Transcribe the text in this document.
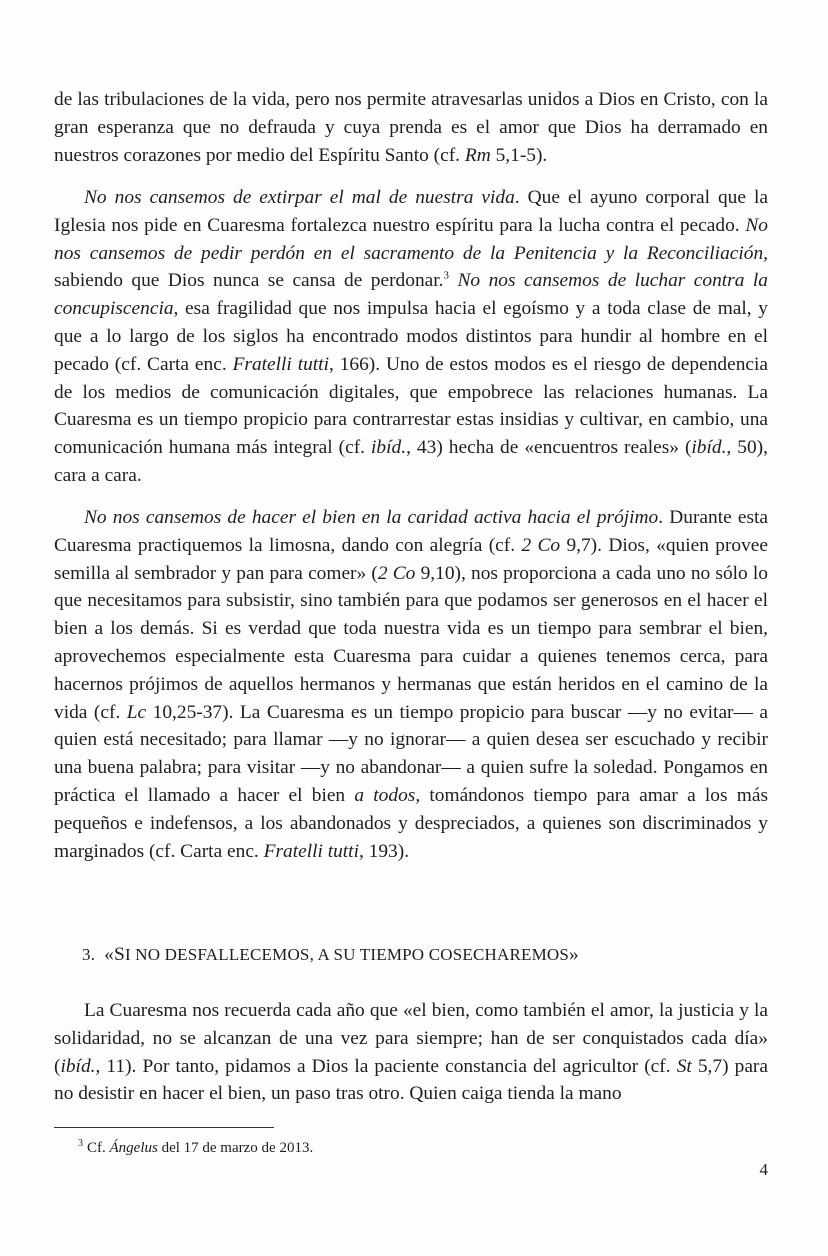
de las tribulaciones de la vida, pero nos permite atravesarlas unidos a Dios en Cristo, con la gran esperanza que no defrauda y cuya prenda es el amor que Dios ha derramado en nuestros corazones por medio del Espíritu Santo (cf. Rm 5,1-5).

No nos cansemos de extirpar el mal de nuestra vida. Que el ayuno corporal que la Iglesia nos pide en Cuaresma fortalezca nuestro espíritu para la lucha contra el pecado. No nos cansemos de pedir perdón en el sacramento de la Penitencia y la Reconciliación, sabiendo que Dios nunca se cansa de perdonar.$^3$ No nos cansemos de luchar contra la concupiscencia, esa fragilidad que nos impulsa hacia el egoísmo y a toda clase de mal, y que a lo largo de los siglos ha encontrado modos distintos para hundir al hombre en el pecado (cf. Carta enc. Fratelli tutti, 166). Uno de estos modos es el riesgo de dependencia de los medios de comunicación digitales, que empobrece las relaciones humanas. La Cuaresma es un tiempo propicio para contrarrestar estas insidias y cultivar, en cambio, una comunicación humana más integral (cf. ibíd., 43) hecha de «encuentros reales» (ibíd., 50), cara a cara.

No nos cansemos de hacer el bien en la caridad activa hacia el prójimo. Durante esta Cuaresma practiquemos la limosna, dando con alegría (cf. 2 Co 9,7). Dios, «quien provee semilla al sembrador y pan para comer» (2 Co 9,10), nos proporciona a cada uno no sólo lo que necesitamos para subsistir, sino también para que podamos ser generosos en el hacer el bien a los demás. Si es verdad que toda nuestra vida es un tiempo para sembrar el bien, aprovechemos especialmente esta Cuaresma para cuidar a quienes tenemos cerca, para hacernos prójimos de aquellos hermanos y hermanas que están heridos en el camino de la vida (cf. Lc 10,25-37). La Cuaresma es un tiempo propicio para buscar —y no evitar— a quien está necesitado; para llamar —y no ignorar— a quien desea ser escuchado y recibir una buena palabra; para visitar —y no abandonar— a quien sufre la soledad. Pongamos en práctica el llamado a hacer el bien a todos, tomándonos tiempo para amar a los más pequeños e indefensos, a los abandonados y despreciados, a quienes son discriminados y marginados (cf. Carta enc. Fratelli tutti, 193).

3. «SI NO DESFALLECEMOS, A SU TIEMPO COSECHAREMOS»

La Cuaresma nos recuerda cada año que «el bien, como también el amor, la justicia y la solidaridad, no se alcanzan de una vez para siempre; han de ser conquistados cada día» (ibíd., 11). Por tanto, pidamos a Dios la paciente constancia del agricultor (cf. St 5,7) para no desistir en hacer el bien, un paso tras otro. Quien caiga tienda la mano

$^3$ Cf. Ángelus del 17 de marzo de 2013.
4
